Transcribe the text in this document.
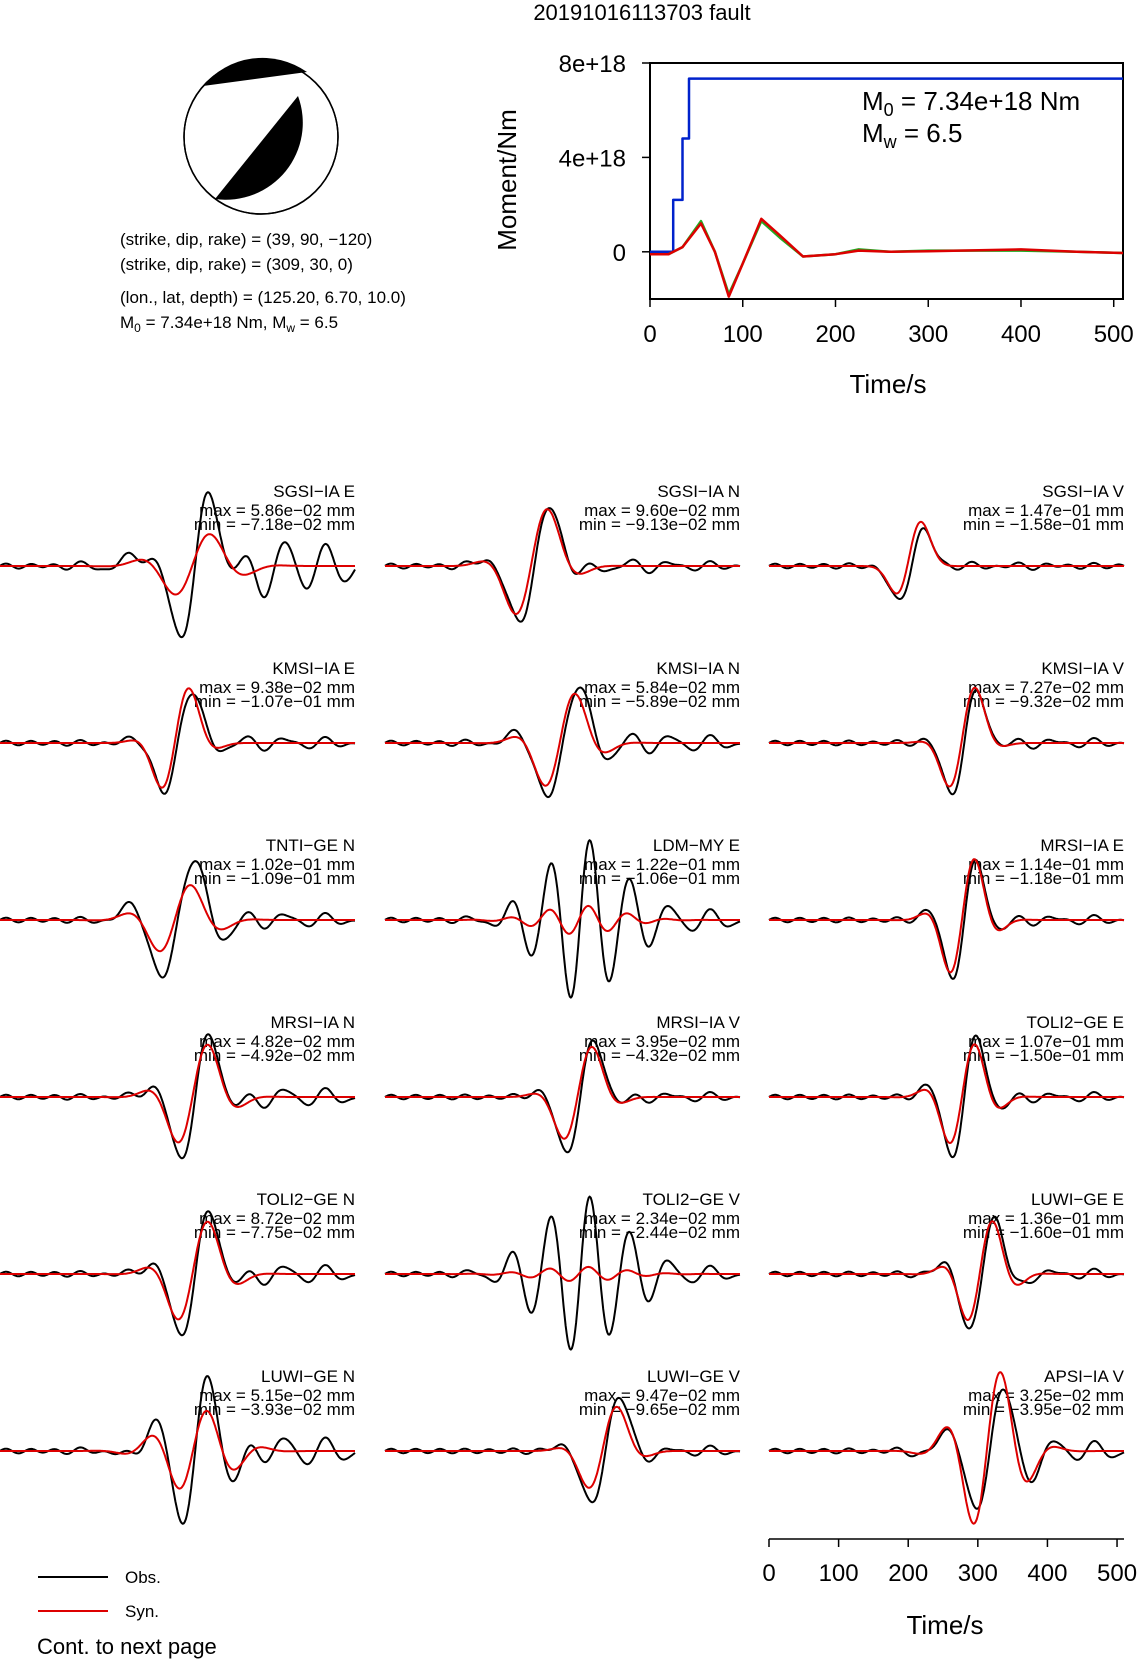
20191016113703 fault
(strike, dip, rake) = (39, 90, −120)
(strike, dip, rake) = (309, 30, 0)
(lon., lat, depth) = (125.20, 6.70, 10.0)
$M_0 = 7.34e+18$ Nm, $M_w = 6.5$	0	100 200 300 400 500
8e+18
4e+18
0
Time/s
Moment/Nm
$M_0 = 7.34e+18$ Nm
$M_w = 6.5$
SGSI−IA E
max = 5.86e−02 mm
min = −7.18e−02 mm
SGSI−IA N
max = 9.60e−02 mm
min = −9.13e−02 mm
SGSI−IA V
max = 1.47e−01 mm
min = −1.58e−01 mm
KMSI−IA E
max = 9.38e−02 mm
min = −1.07e−01 mm
KMSI−IA N
max = 5.84e−02 mm
min = −5.89e−02 mm
KMSI−IA V
max = 7.27e−02 mm
min = −9.32e−02 mm
TNTI−GE N
max = 1.02e−01 mm
min = −1.09e−01 mm
LDM−MY E
max = 1.22e−01 mm
min = −1.06e−01 mm
MRSI−IA E
max = 1.14e−01 mm
min = −1.18e−01 mm
MRSI−IA N
max = 4.82e−02 mm
min = −4.92e−02 mm
MRSI−IA V
max = 3.95e−02 mm
min = −4.32e−02 mm
TOLI2−GE E
max = 1.07e−01 mm
min = −1.50e−01 mm
TOLI2−GE N
max = 8.72e−02 mm
min = −7.75e−02 mm
TOLI2−GE V
max = 2.34e−02 mm
min = −2.44e−02 mm
LUWI−GE E
max = 1.36e−01 mm
min = −1.60e−01 mm
LUWI−GE N
max = 5.15e−02 mm
min = −3.93e−02 mm
LUWI−GE V
max = 9.47e−02 mm
min = −9.65e−02 mm
APSI−IA V
max = 3.25e−02 mm
min = −3.95e−02 mm
0 100 200 300 400 500
Time/s
Obs.
Syn.
Cont. to next page
